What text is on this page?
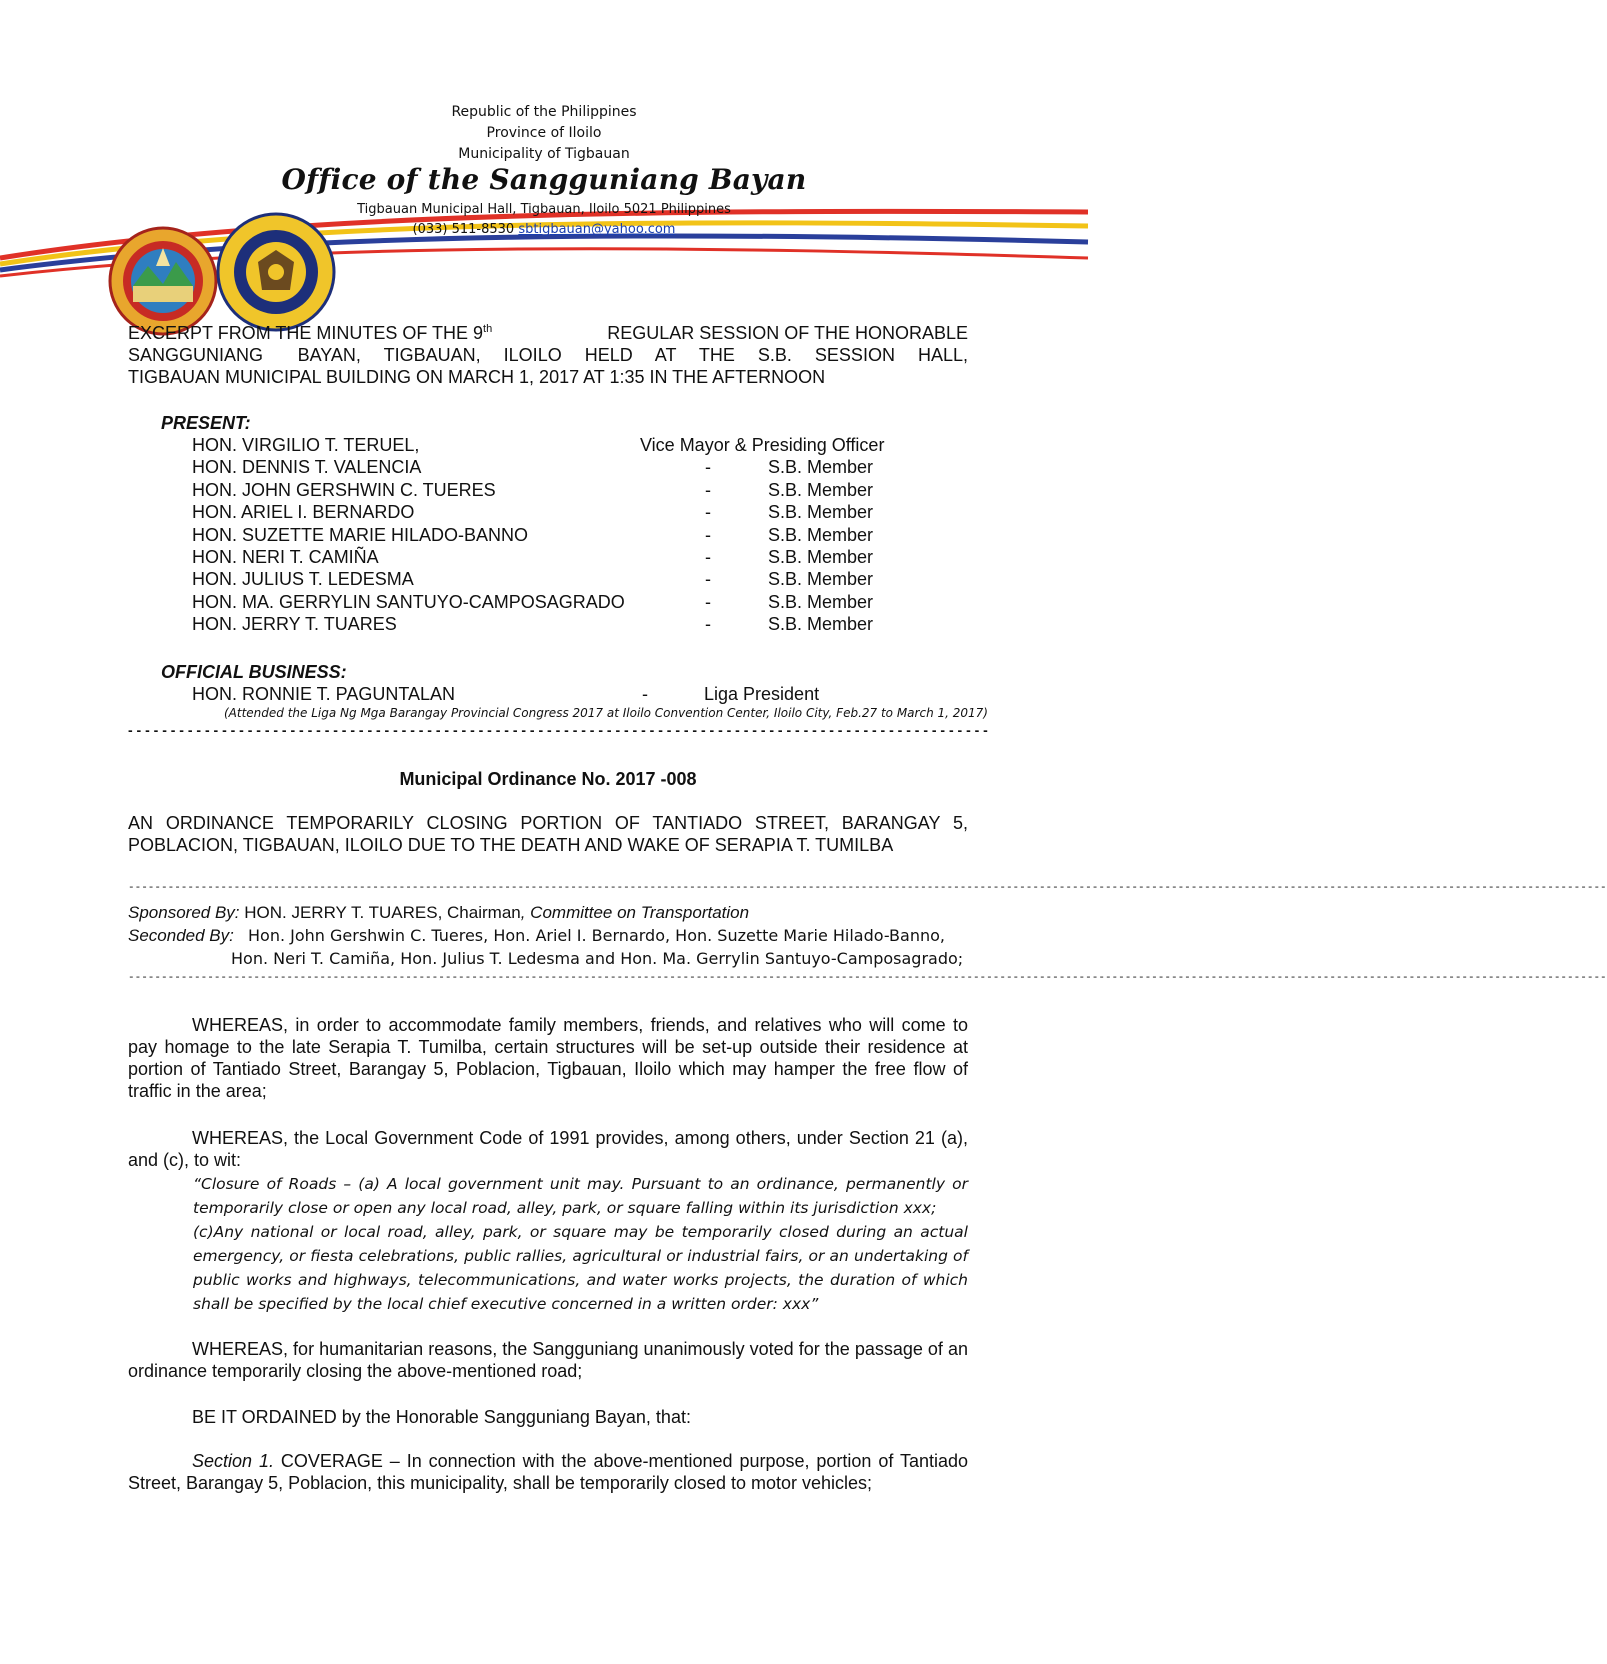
Republic of the Philippines
Province of Iloilo
Municipality of Tigbauan
Office of the Sangguniang Bayan
Tigbauan Municipal Hall, Tigbauan, Iloilo 5021 Philippines
(033) 511-8530 sbtigbauan@yahoo.com
EXCERPT FROM THE MINUTES OF THE 9th	REGULAR SESSION OF THE HONORABLE
SANGGUNIANG   BAYAN,  TIGBAUAN,  ILOILO  HELD  AT  THE  S.B.  SESSION  HALL,
TIGBAUAN MUNICIPAL BUILDING ON MARCH 1, 2017 AT 1:35 IN THE AFTERNOON
PRESENT:
HON. VIRGILIO T. TERUEL,	Vice Mayor & Presiding Officer
HON. DENNIS T. VALENCIA	-	S.B. Member
HON. JOHN GERSHWIN C. TUERES	-	S.B. Member
HON. ARIEL I. BERNARDO	-	S.B. Member
HON. SUZETTE MARIE HILADO-BANNO	-	S.B. Member
HON. NERI T. CAMIÑA	-	S.B. Member
HON. JULIUS T. LEDESMA	-	S.B. Member
HON. MA. GERRYLIN SANTUYO-CAMPOSAGRADO	-	S.B. Member
HON. JERRY T. TUARES	-	S.B. Member
OFFICIAL BUSINESS:
HON. RONNIE T. PAGUNTALAN	-	Liga President
(Attended the Liga Ng Mga Barangay Provincial Congress 2017 at Iloilo Convention Center, Iloilo City, Feb.27 to March 1, 2017)
- - - - - - - - - - - - - - - - - - - - - - - - - - - - - - - - - - - - - - - - - - - - - - - - - - - - - - - - - - - - - - - - - - - - - - - - - - - - - - - - - - - - - - - - - - - - - - - - - - - - -
Municipal Ordinance No. 2017 -008
AN ORDINANCE TEMPORARILY CLOSING PORTION OF TANTIADO STREET, BARANGAY 5, POBLACION, TIGBAUAN, ILOILO DUE TO THE DEATH AND WAKE OF SERAPIA T. TUMILBA
--------------------------------------------------------------------------------------------------------------------------------------------------------------------------------------------------------------------------------
Sponsored By: HON. JERRY T. TUARES, Chairman, Committee on Transportation
Seconded By: Hon. John Gershwin C. Tueres, Hon. Ariel I. Bernardo, Hon. Suzette Marie Hilado-Banno,
Hon. Neri T. Camiña, Hon. Julius T. Ledesma and Hon. Ma. Gerrylin Santuyo-Camposagrado;
--------------------------------------------------------------------------------------------------------------------------------------------------------------------------------------------------------------------------------
WHEREAS, in order to accommodate family members, friends, and relatives who will come to pay homage to the late Serapia T. Tumilba, certain structures will be set-up outside their residence at portion of Tantiado Street, Barangay 5, Poblacion, Tigbauan, Iloilo which may hamper the free flow of traffic in the area;
WHEREAS, the Local Government Code of 1991 provides, among others, under Section 21 (a), and (c), to wit:
“Closure of Roads – (a) A local government unit may. Pursuant to an ordinance, permanently or temporarily close or open any local road, alley, park, or square falling within its jurisdiction xxx;
(c)Any national or local road, alley, park, or square may be temporarily closed during an actual emergency, or fiesta celebrations, public rallies, agricultural or industrial fairs, or an undertaking of public works and highways, telecommunications, and water works projects, the duration of which shall be specified by the local chief executive concerned in a written order: xxx”
WHEREAS, for humanitarian reasons, the Sangguniang unanimously voted for the passage of an ordinance temporarily closing the above-mentioned road;
BE IT ORDAINED by the Honorable Sangguniang Bayan, that:
Section 1. COVERAGE – In connection with the above-mentioned purpose, portion of Tantiado Street, Barangay 5, Poblacion, this municipality, shall be temporarily closed to motor vehicles;
